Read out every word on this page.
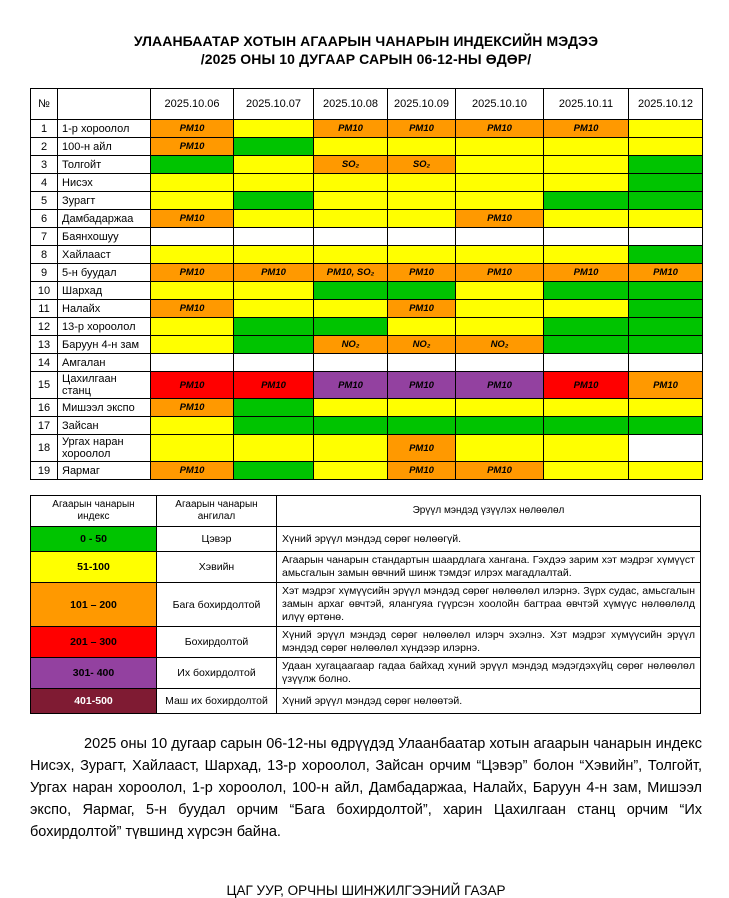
УЛААНБААТАР ХОТЫН АГААРЫН ЧАНАРЫН ИНДЕКСИЙН МЭДЭЭ
/2025 ОНЫ 10 ДУГААР САРЫН 06-12-НЫ ӨДӨР/
№		2025.10.06	2025.10.07	2025.10.08	2025.10.09	2025.10.10	2025.10.11	2025.10.12
1	1-р хороолол	PM10		PM10	PM10	PM10	PM10	
2	100-н айл	PM10						
3	Толгойт			SO₂	SO₂			
4	Нисэх							
5	Зурагт							
6	Дамбадаржаа	PM10				PM10		
7	Баянхошуу							
8	Хайлааст							
9	5-н буудал	PM10	PM10	PM10, SO₂	PM10	PM10	PM10	PM10
10	Шархад							
11	Налайх	PM10			PM10			
12	13-р хороолол							
13	Баруун 4-н зам			NO₂	NO₂	NO₂		
14	Амгалан							
15	Цахилгаан станц	PM10	PM10	PM10	PM10	PM10	PM10	PM10
16	Мишээл экспо	PM10						
17	Зайсан							
18	Ургах наран хороолол				PM10			
19	Яармаг	PM10			PM10	PM10		
Агаарын чанарын индекс	Агаарын чанарын ангилал	Эрүүл мэндэд үзүүлэх нөлөөлөл
0 - 50	Цэвэр	Хүний эрүүл мэндэд сөрөг нөлөөгүй.
51-100	Хэвийн	Агаарын чанарын стандартын шаардлага хангана. Гэхдээ зарим хэт мэдрэг хүмүүст амьсгалын замын өвчний шинж тэмдэг илрэх магадлалтай.
101 – 200	Бага бохирдолтой	Хэт мэдрэг хүмүүсийн эрүүл мэндэд сөрөг нөлөөлөл илэрнэ. Зүрх судас, амьсгалын замын архаг өвчтэй, ялангуяа гүүрсэн хоолойн багтраа өвчтэй хүмүүс нөлөөлөлд илүү өртөнө.
201 – 300	Бохирдолтой	Хүний эрүүл мэндэд сөрөг нөлөөлөл илэрч эхэлнэ. Хэт мэдрэг хүмүүсийн эрүүл мэндэд сөрөг нөлөөлөл хүндээр илэрнэ.
301- 400	Их бохирдолтой	Удаан хугацаагаар гадаа байхад хүний эрүүл мэндэд мэдэгдэхүйц сөрөг нөлөөлөл үзүүлж болно.
401-500	Маш их бохирдолтой	Хүний эрүүл мэндэд сөрөг нөлөөтэй.

2025 оны 10 дугаар сарын 06-12-ны өдрүүдэд Улаанбаатар хотын агаарын чанарын индекс Нисэх, Зурагт, Хайлааст, Шархад, 13-р хороолол, Зайсан орчим “Цэвэр” болон “Хэвийн”, Толгойт, Ургах наран хороолол, 1-р хороолол, 100-н айл, Дамбадаржаа, Налайх, Баруун 4-н зам, Мишээл экспо, Яармаг, 5-н буудал орчим “Бага бохирдолтой”, харин Цахилгаан станц орчим “Их бохирдолтой” түвшинд хүрсэн байна.

ЦАГ УУР, ОРЧНЫ ШИНЖИЛГЭЭНИЙ ГАЗАР
